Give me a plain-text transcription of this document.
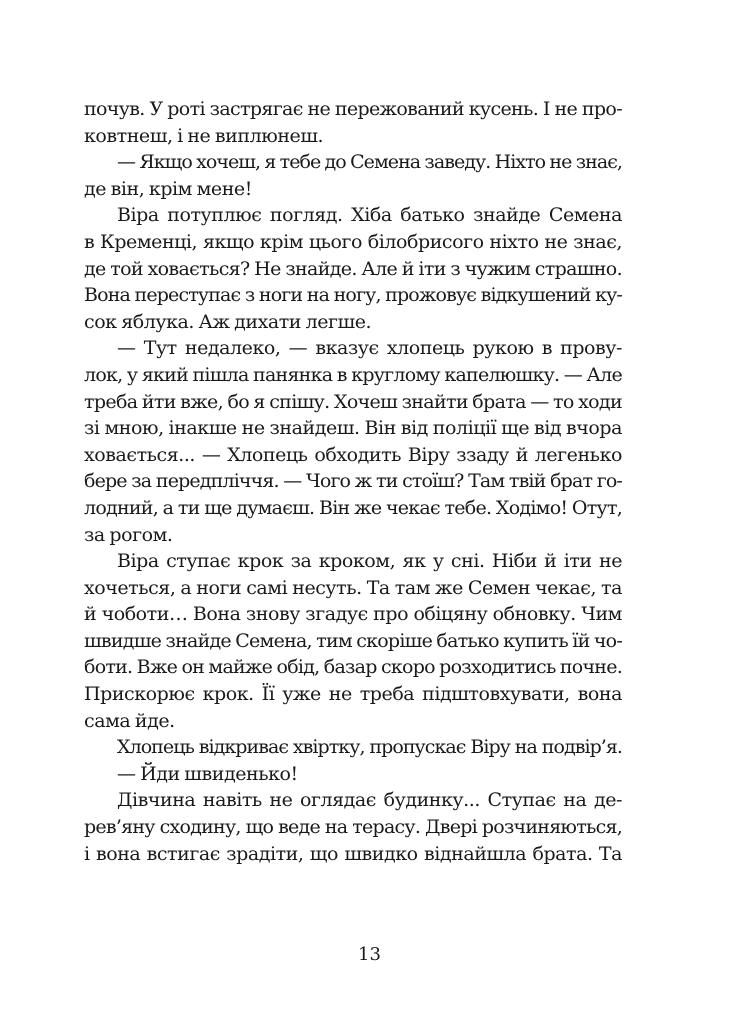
почув. У роті застрягає не пережований кусень. І не про-
ковтнеш, і не виплюнеш.
— Якщо хочеш, я тебе до Семена заведу. Ніхто не знає,
де він, крім мене!
Віра потуплює погляд. Хіба батько знайде Семена
в Кременці, якщо крім цього білобрисого ніхто не знає,
де той ховається? Не знайде. Але й іти з чужим страшно.
Вона переступає з ноги на ногу, прожовує відкушений ку-
сок яблука. Аж дихати легше.
— Тут недалеко, — вказує хлопець рукою в прову-
лок, у який пішла панянка в круглому капелюшку. — Але
треба йти вже, бо я спішу. Хочеш знайти брата — то ходи
зі мною, інакше не знайдеш. Він від поліції ще від вчора
ховається... — Хлопець обходить Віру ззаду й легенько
бере за передпліччя. — Чого ж ти стоїш? Там твій брат го-
лодний, а ти ще думаєш. Він же чекає тебе. Ходімо! Отут,
за рогом.
Віра ступає крок за кроком, як у сні. Ніби й іти не
хочеться, а ноги самі несуть. Та там же Семен чекає, та
й чоботи… Вона знову згадує про обіцяну обновку. Чим
швидше знайде Семена, тим скоріше батько купить їй чо-
боти. Вже он майже обід, базар скоро розходитись почне.
Прискорює крок. Її уже не треба підштовхувати, вона
сама йде.
Хлопець відкриває хвіртку, пропускає Віру на подвір’я.
— Йди швиденько!
Дівчина навіть не оглядає будинку... Ступає на де-
рев’яну сходину, що веде на терасу. Двері розчиняються,
і вона встигає зрадіти, що швидко віднайшла брата. Та
13
